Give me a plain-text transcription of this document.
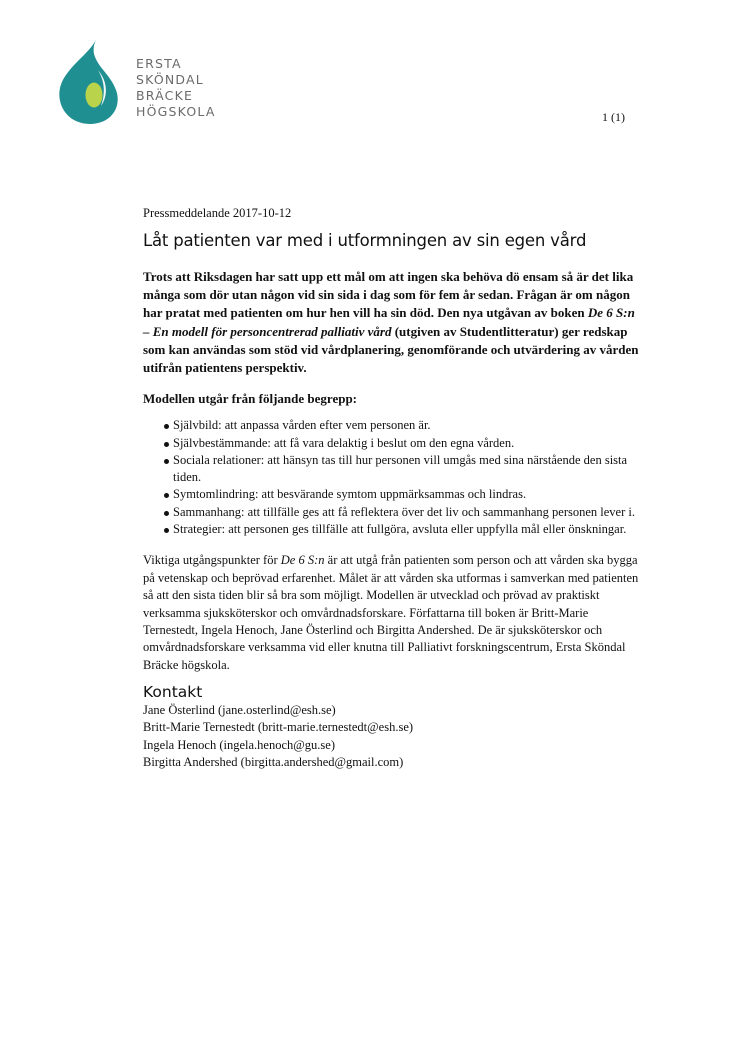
ERSTA
SKÖNDAL
BRÄCKE
HÖGSKOLA	1 (1)

Pressmeddelande 2017-10-12

Låt patienten var med i utformningen av sin egen vård

Trots att Riksdagen har satt upp ett mål om att ingen ska behöva dö ensam så är det lika många som dör utan någon vid sin sida i dag som för fem år sedan. Frågan är om någon har pratat med patienten om hur hen vill ha sin död. Den nya utgåvan av boken De 6 S:n – En modell för personcentrerad palliativ vård (utgiven av Studentlitteratur) ger redskap som kan användas som stöd vid vårdplanering, genomförande och utvärdering av vården utifrån patientens perspektiv.

Modellen utgår från följande begrepp:

Självbild: att anpassa vården efter vem personen är.
Självbestämmande: att få vara delaktig i beslut om den egna vården.
Sociala relationer: att hänsyn tas till hur personen vill umgås med sina närstående den sista tiden.
Symtomlindring: att besvärande symtom uppmärksammas och lindras.
Sammanhang: att tillfälle ges att få reflektera över det liv och sammanhang personen lever i.
Strategier: att personen ges tillfälle att fullgöra, avsluta eller uppfylla mål eller önskningar.

Viktiga utgångspunkter för De 6 S:n är att utgå från patienten som person och att vården ska bygga på vetenskap och beprövad erfarenhet. Målet är att vården ska utformas i samverkan med patienten så att den sista tiden blir så bra som möjligt. Modellen är utvecklad och prövad av praktiskt verksamma sjuksköterskor och omvårdnadsforskare. Författarna till boken är Britt-Marie Ternestedt, Ingela Henoch, Jane Österlind och Birgitta Andershed. De är sjuksköterskor och omvårdnadsforskare verksamma vid eller knutna till Palliativt forskningscentrum, Ersta Sköndal Bräcke högskola.

Kontakt
Jane Österlind (jane.osterlind@esh.se)
Britt-Marie Ternestedt (britt-marie.ternestedt@esh.se)
Ingela Henoch (ingela.henoch@gu.se)
Birgitta Andershed (birgitta.andershed@gmail.com)
